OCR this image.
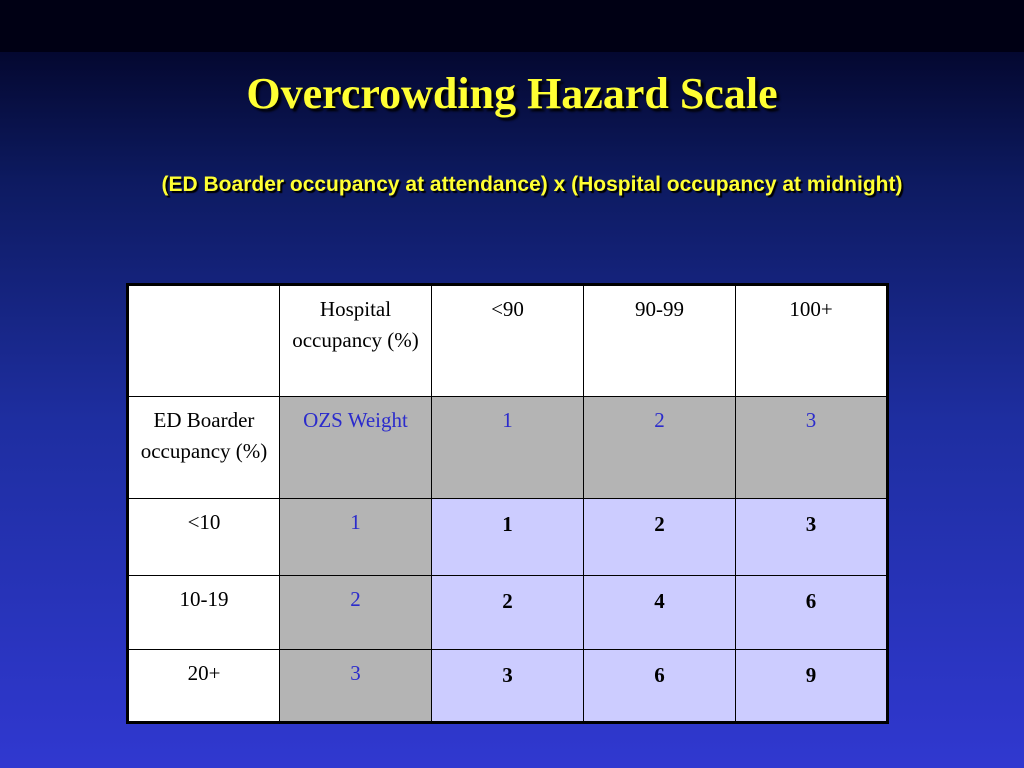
Overcrowding Hazard Scale

(ED Boarder occupancy at attendance) x (Hospital occupancy at midnight)

	Hospital occupancy (%)	<90	90-99	100+
ED Boarder occupancy (%)	OZS Weight	1	2	3
<10	1	1	2	3
10-19	2	2	4	6
20+	3	3	6	9
